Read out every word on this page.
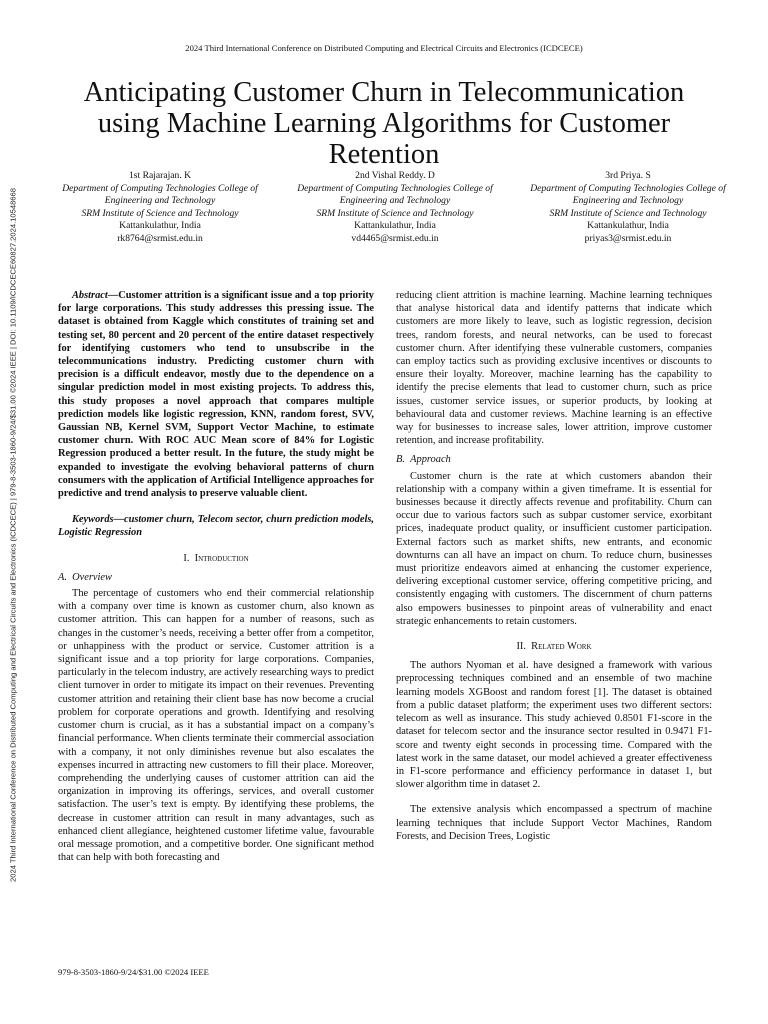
2024 Third International Conference on Distributed Computing and Electrical Circuits and Electronics (ICDCECE) | 979-8-3503-1860-9/24/$31.00 ©2024 IEEE | DOI: 10.1109/ICDCECE60827.2024.10548668
2024 Third International Conference on Distributed Computing and Electrical Circuits and Electronics (ICDCECE)
Anticipating Customer Churn in Telecommunication using Machine Learning Algorithms for Customer Retention
1st Rajarajan. K
Department of Computing Technologies College of Engineering and Technology
SRM Institute of Science and Technology
Kattankulathur, India
rk8764@srmist.edu.in
2nd Vishal Reddy. D
Department of Computing Technologies College of Engineering and Technology
SRM Institute of Science and Technology
Kattankulathur, India
vd4465@srmist.edu.in
3rd Priya. S
Department of Computing Technologies College of Engineering and Technology
SRM Institute of Science and Technology
Kattankulathur, India
priyas3@srmist.edu.in

Abstract—Customer attrition is a significant issue and a top priority for large corporations. This study addresses this pressing issue. The dataset is obtained from Kaggle which constitutes of training set and testing set, 80 percent and 20 percent of the entire dataset respectively for identifying customers who tend to unsubscribe in the telecommunications industry. Predicting customer churn with precision is a difficult endeavor, mostly due to the dependence on a singular prediction model in most existing projects. To address this, this study proposes a novel approach that compares multiple prediction models like logistic regression, KNN, random forest, SVV, Gaussian NB, Kernel SVM, Support Vector Machine, to estimate customer churn. With ROC AUC Mean score of 84% for Logistic Regression produced a better result. In the future, the study might be expanded to investigate the evolving behavioral patterns of churn consumers with the application of Artificial Intelligence approaches for predictive and trend analysis to preserve valuable client.

Keywords—customer churn, Telecom sector, churn prediction models, Logistic Regression

I. Introduction

A. Overview

The percentage of customers who end their commercial relationship with a company over time is known as customer churn, also known as customer attrition. This can happen for a number of reasons, such as changes in the customer’s needs, receiving a better offer from a competitor, or unhappiness with the product or service. Customer attrition is a significant issue and a top priority for large corporations. Companies, particularly in the telecom industry, are actively researching ways to predict client turnover in order to mitigate its impact on their revenues. Preventing customer attrition and retaining their client base has now become a crucial problem for corporate operations and growth. Identifying and resolving customer churn is crucial, as it has a substantial impact on a company’s financial performance. When clients terminate their commercial association with a company, it not only diminishes revenue but also escalates the expenses incurred in attracting new customers to fill their place. Moreover, comprehending the underlying causes of customer attrition can aid the organization in improving its offerings, services, and overall customer satisfaction. The user’s text is empty. By identifying these problems, the decrease in customer attrition can result in many advantages, such as enhanced client allegiance, heightened customer lifetime value, favourable oral message promotion, and a competitive border. One significant method that can help with both forecasting and

reducing client attrition is machine learning. Machine learning techniques that analyse historical data and identify patterns that indicate which customers are more likely to leave, such as logistic regression, decision trees, random forests, and neural networks, can be used to forecast customer churn. After identifying these vulnerable customers, companies can employ tactics such as providing exclusive incentives or discounts to ensure their loyalty. Moreover, machine learning has the capability to identify the precise elements that lead to customer churn, such as price issues, customer service issues, or superior products, by looking at behavioural data and customer reviews. Machine learning is an effective way for businesses to increase sales, lower attrition, improve customer retention, and increase profitability.

B. Approach

Customer churn is the rate at which customers abandon their relationship with a company within a given timeframe. It is essential for businesses because it directly affects revenue and profitability. Churn can occur due to various factors such as subpar customer service, exorbitant prices, inadequate product quality, or insufficient customer participation. External factors such as market shifts, new entrants, and economic downturns can all have an impact on churn. To reduce churn, businesses must prioritize endeavors aimed at enhancing the customer experience, delivering exceptional customer service, offering competitive pricing, and consistently engaging with customers. The discernment of churn patterns also empowers businesses to pinpoint areas of vulnerability and enact strategic enhancements to retain customers.

II. Related Work

The authors Nyoman et al. have designed a framework with various preprocessing techniques combined and an ensemble of two machine learning models XGBoost and random forest [1]. The dataset is obtained from a public dataset platform; the experiment uses two different sectors: telecom as well as insurance. This study achieved 0.8501 F1-score in the dataset for telecom sector and the insurance sector resulted in 0.9471 F1-score and twenty eight seconds in processing time. Compared with the latest work in the same dataset, our model achieved a greater effectiveness in F1-score performance and efficiency performance in dataset 1, but slower algorithm time in dataset 2.

The extensive analysis which encompassed a spectrum of machine learning techniques that include Support Vector Machines, Random Forests, and Decision Trees, Logistic

979-8-3503-1860-9/24/$31.00 ©2024 IEEE
